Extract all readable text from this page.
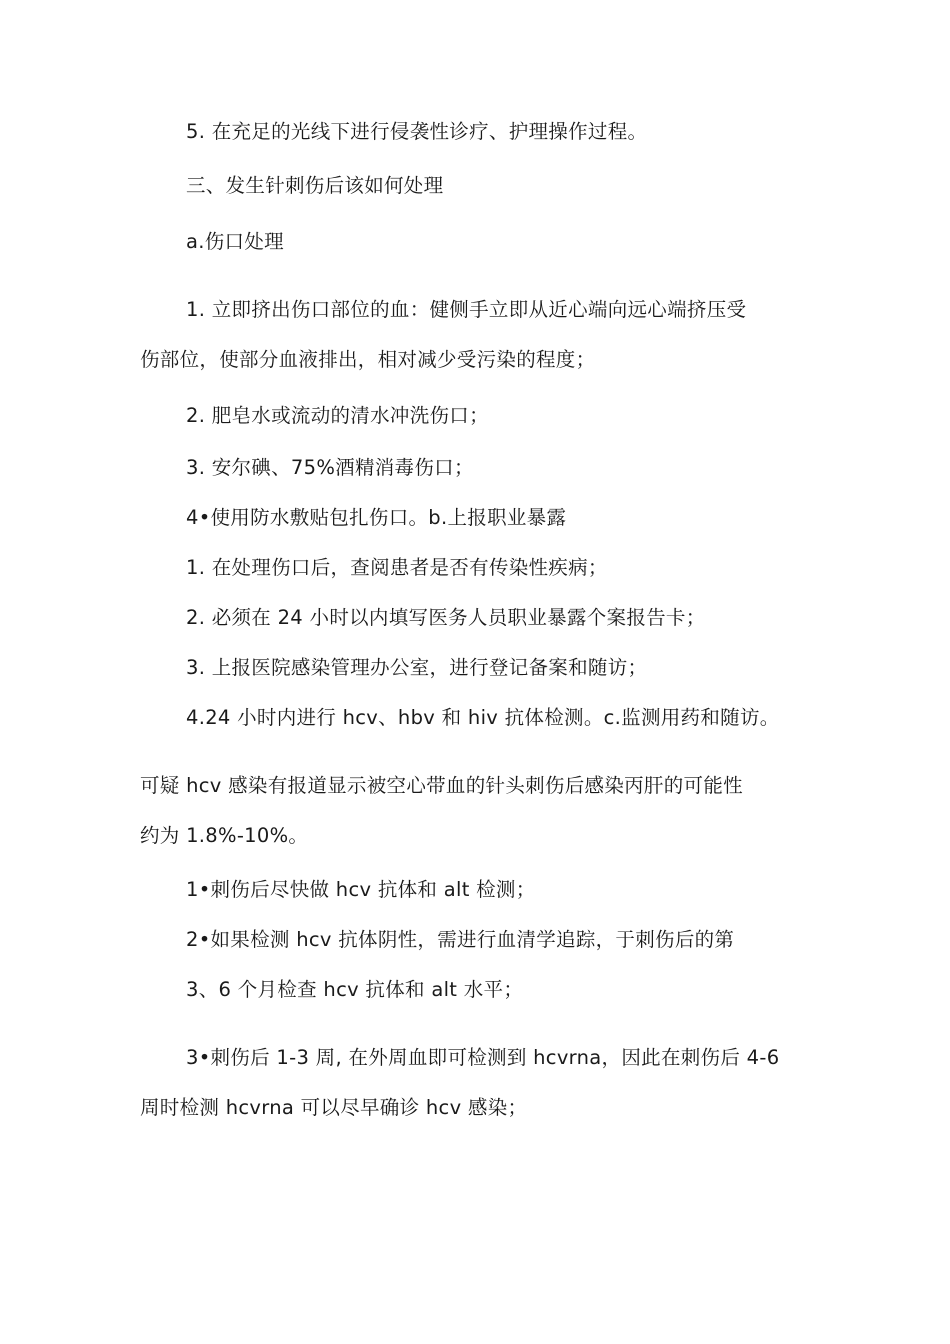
5. 在充足的光线下进行侵袭性诊疗、护理操作过程。
三、发生针刺伤后该如何处理
a.伤口处理
1. 立即挤出伤口部位的血：健侧手立即从近心端向远心端挤压受
伤部位，使部分血液排出，相对减少受污染的程度；
2. 肥皂水或流动的清水冲洗伤口；
3. 安尔碘、75%酒精消毒伤口；
4•使用防水敷贴包扎伤口。b.上报职业暴露
1. 在处理伤口后，查阅患者是否有传染性疾病；
2. 必须在 24 小时以内填写医务人员职业暴露个案报告卡；
3. 上报医院感染管理办公室，进行登记备案和随访；
4.24 小时内进行 hcv、hbv 和 hiv 抗体检测。c.监测用药和随访。
可疑 hcv 感染有报道显示被空心带血的针头刺伤后感染丙肝的可能性
约为 1.8%-10%。
1•刺伤后尽快做 hcv 抗体和 alt 检测；
2•如果检测 hcv 抗体阴性，需进行血清学追踪，于刺伤后的第
3、6 个月检查 hcv 抗体和 alt 水平；
3•刺伤后 1-3 周, 在外周血即可检测到 hcvrna，因此在刺伤后 4-6
周时检测 hcvrna 可以尽早确诊 hcv 感染；
